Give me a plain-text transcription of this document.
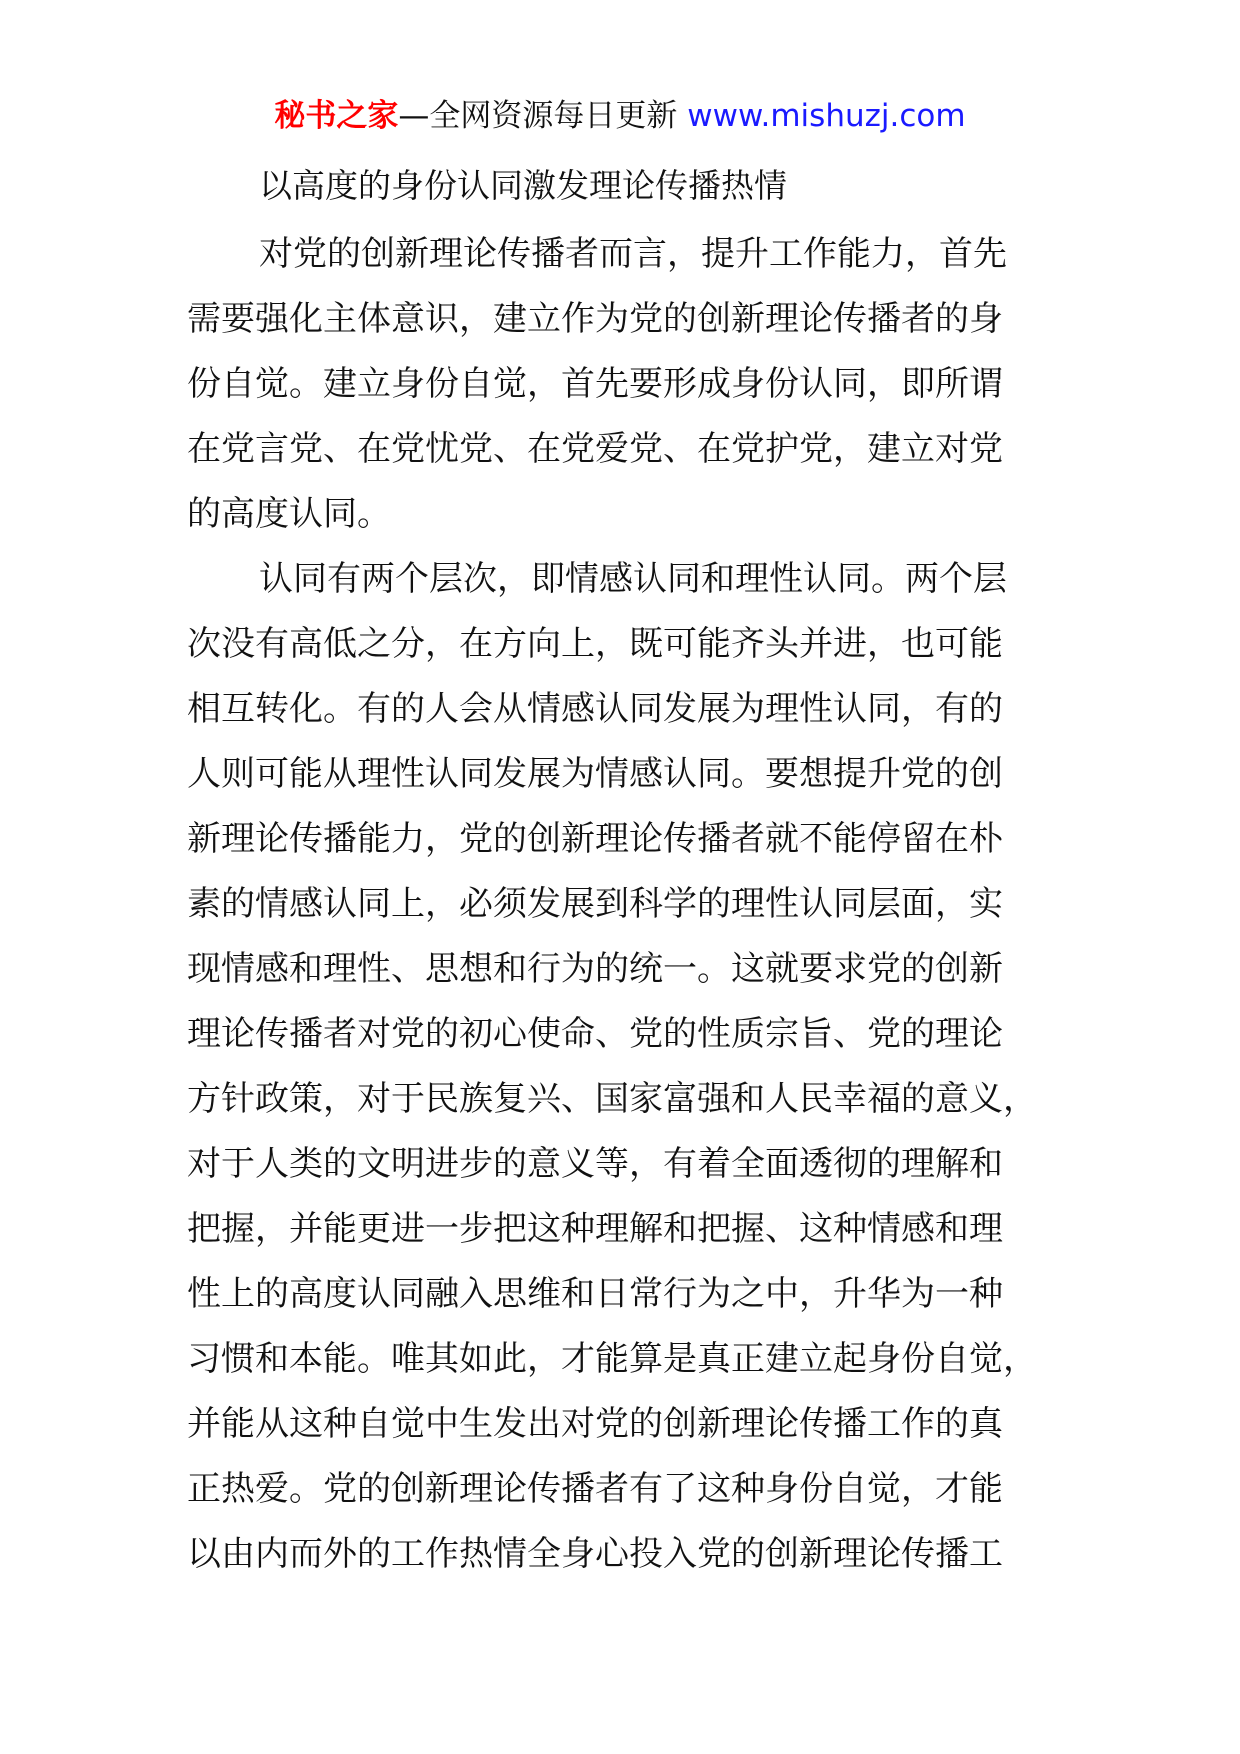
秘书之家—全网资源每日更新 www.mishuzj.com
以高度的身份认同激发理论传播热情
对党的创新理论传播者而言，提升工作能力，首先
需要强化主体意识，建立作为党的创新理论传播者的身
份自觉。建立身份自觉，首先要形成身份认同，即所谓
在党言党、在党忧党、在党爱党、在党护党，建立对党
的高度认同。
认同有两个层次，即情感认同和理性认同。两个层
次没有高低之分，在方向上，既可能齐头并进，也可能
相互转化。有的人会从情感认同发展为理性认同，有的
人则可能从理性认同发展为情感认同。要想提升党的创
新理论传播能力，党的创新理论传播者就不能停留在朴
素的情感认同上，必须发展到科学的理性认同层面，实
现情感和理性、思想和行为的统一。这就要求党的创新
理论传播者对党的初心使命、党的性质宗旨、党的理论
方针政策，对于民族复兴、国家富强和人民幸福的意义，
对于人类的文明进步的意义等，有着全面透彻的理解和
把握，并能更进一步把这种理解和把握、这种情感和理
性上的高度认同融入思维和日常行为之中，升华为一种
习惯和本能。唯其如此，才能算是真正建立起身份自觉，
并能从这种自觉中生发出对党的创新理论传播工作的真
正热爱。党的创新理论传播者有了这种身份自觉，才能
以由内而外的工作热情全身心投入党的创新理论传播工
